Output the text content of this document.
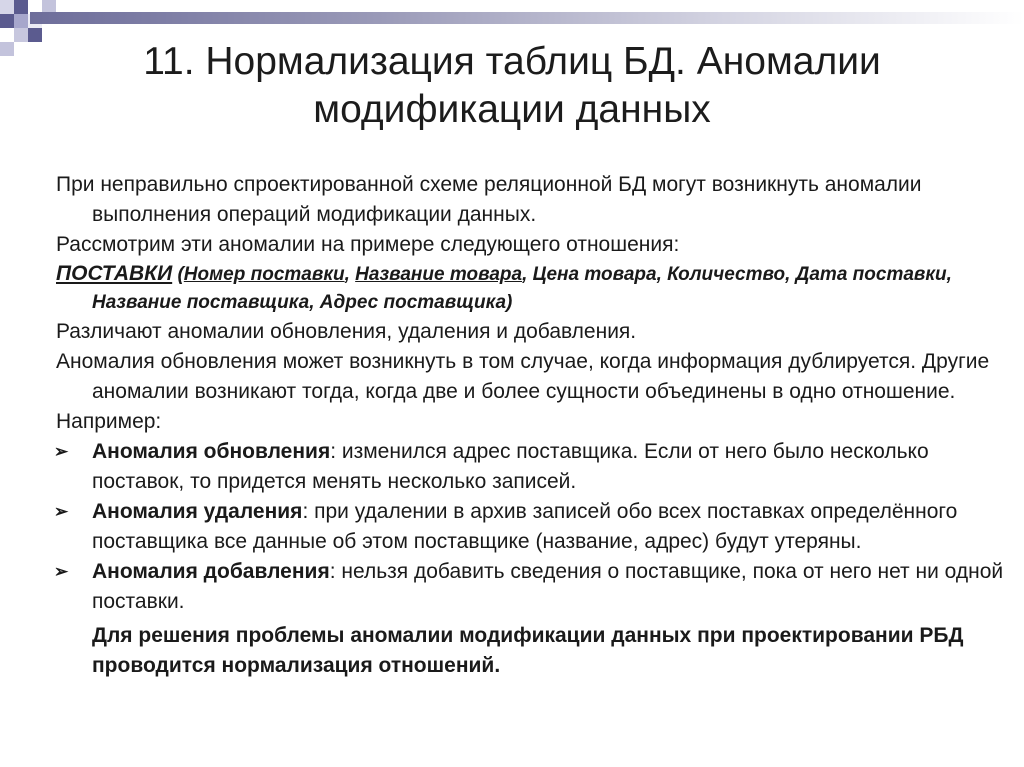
11. Нормализация таблиц БД. Аномалии
модификации данных

При неправильно спроектированной схеме реляционной БД могут возникнуть аномалии выполнения операций модификации данных.

Рассмотрим эти аномалии на примере следующего отношения:

ПОСТАВКИ (Номер поставки, Название товара, Цена товара, Количество, Дата поставки, Название поставщика, Адрес поставщика)

Различают аномалии обновления, удаления и добавления.

Аномалия обновления может возникнуть в том случае, когда информация дублируется. Другие аномалии возникают тогда, когда две и более сущности объединены в одно отношение.

Например:

➢ Аномалия обновления: изменился адрес поставщика. Если от него было несколько поставок, то придется менять несколько записей.
➢ Аномалия удаления: при удалении в архив записей обо всех поставках определённого поставщика все данные об этом поставщике (название, адрес) будут утеряны.
➢ Аномалия добавления: нельзя добавить сведения о поставщике, пока от него нет ни одной поставки.
Для решения проблемы аномалии модификации данных при проектировании РБД проводится нормализация отношений.
